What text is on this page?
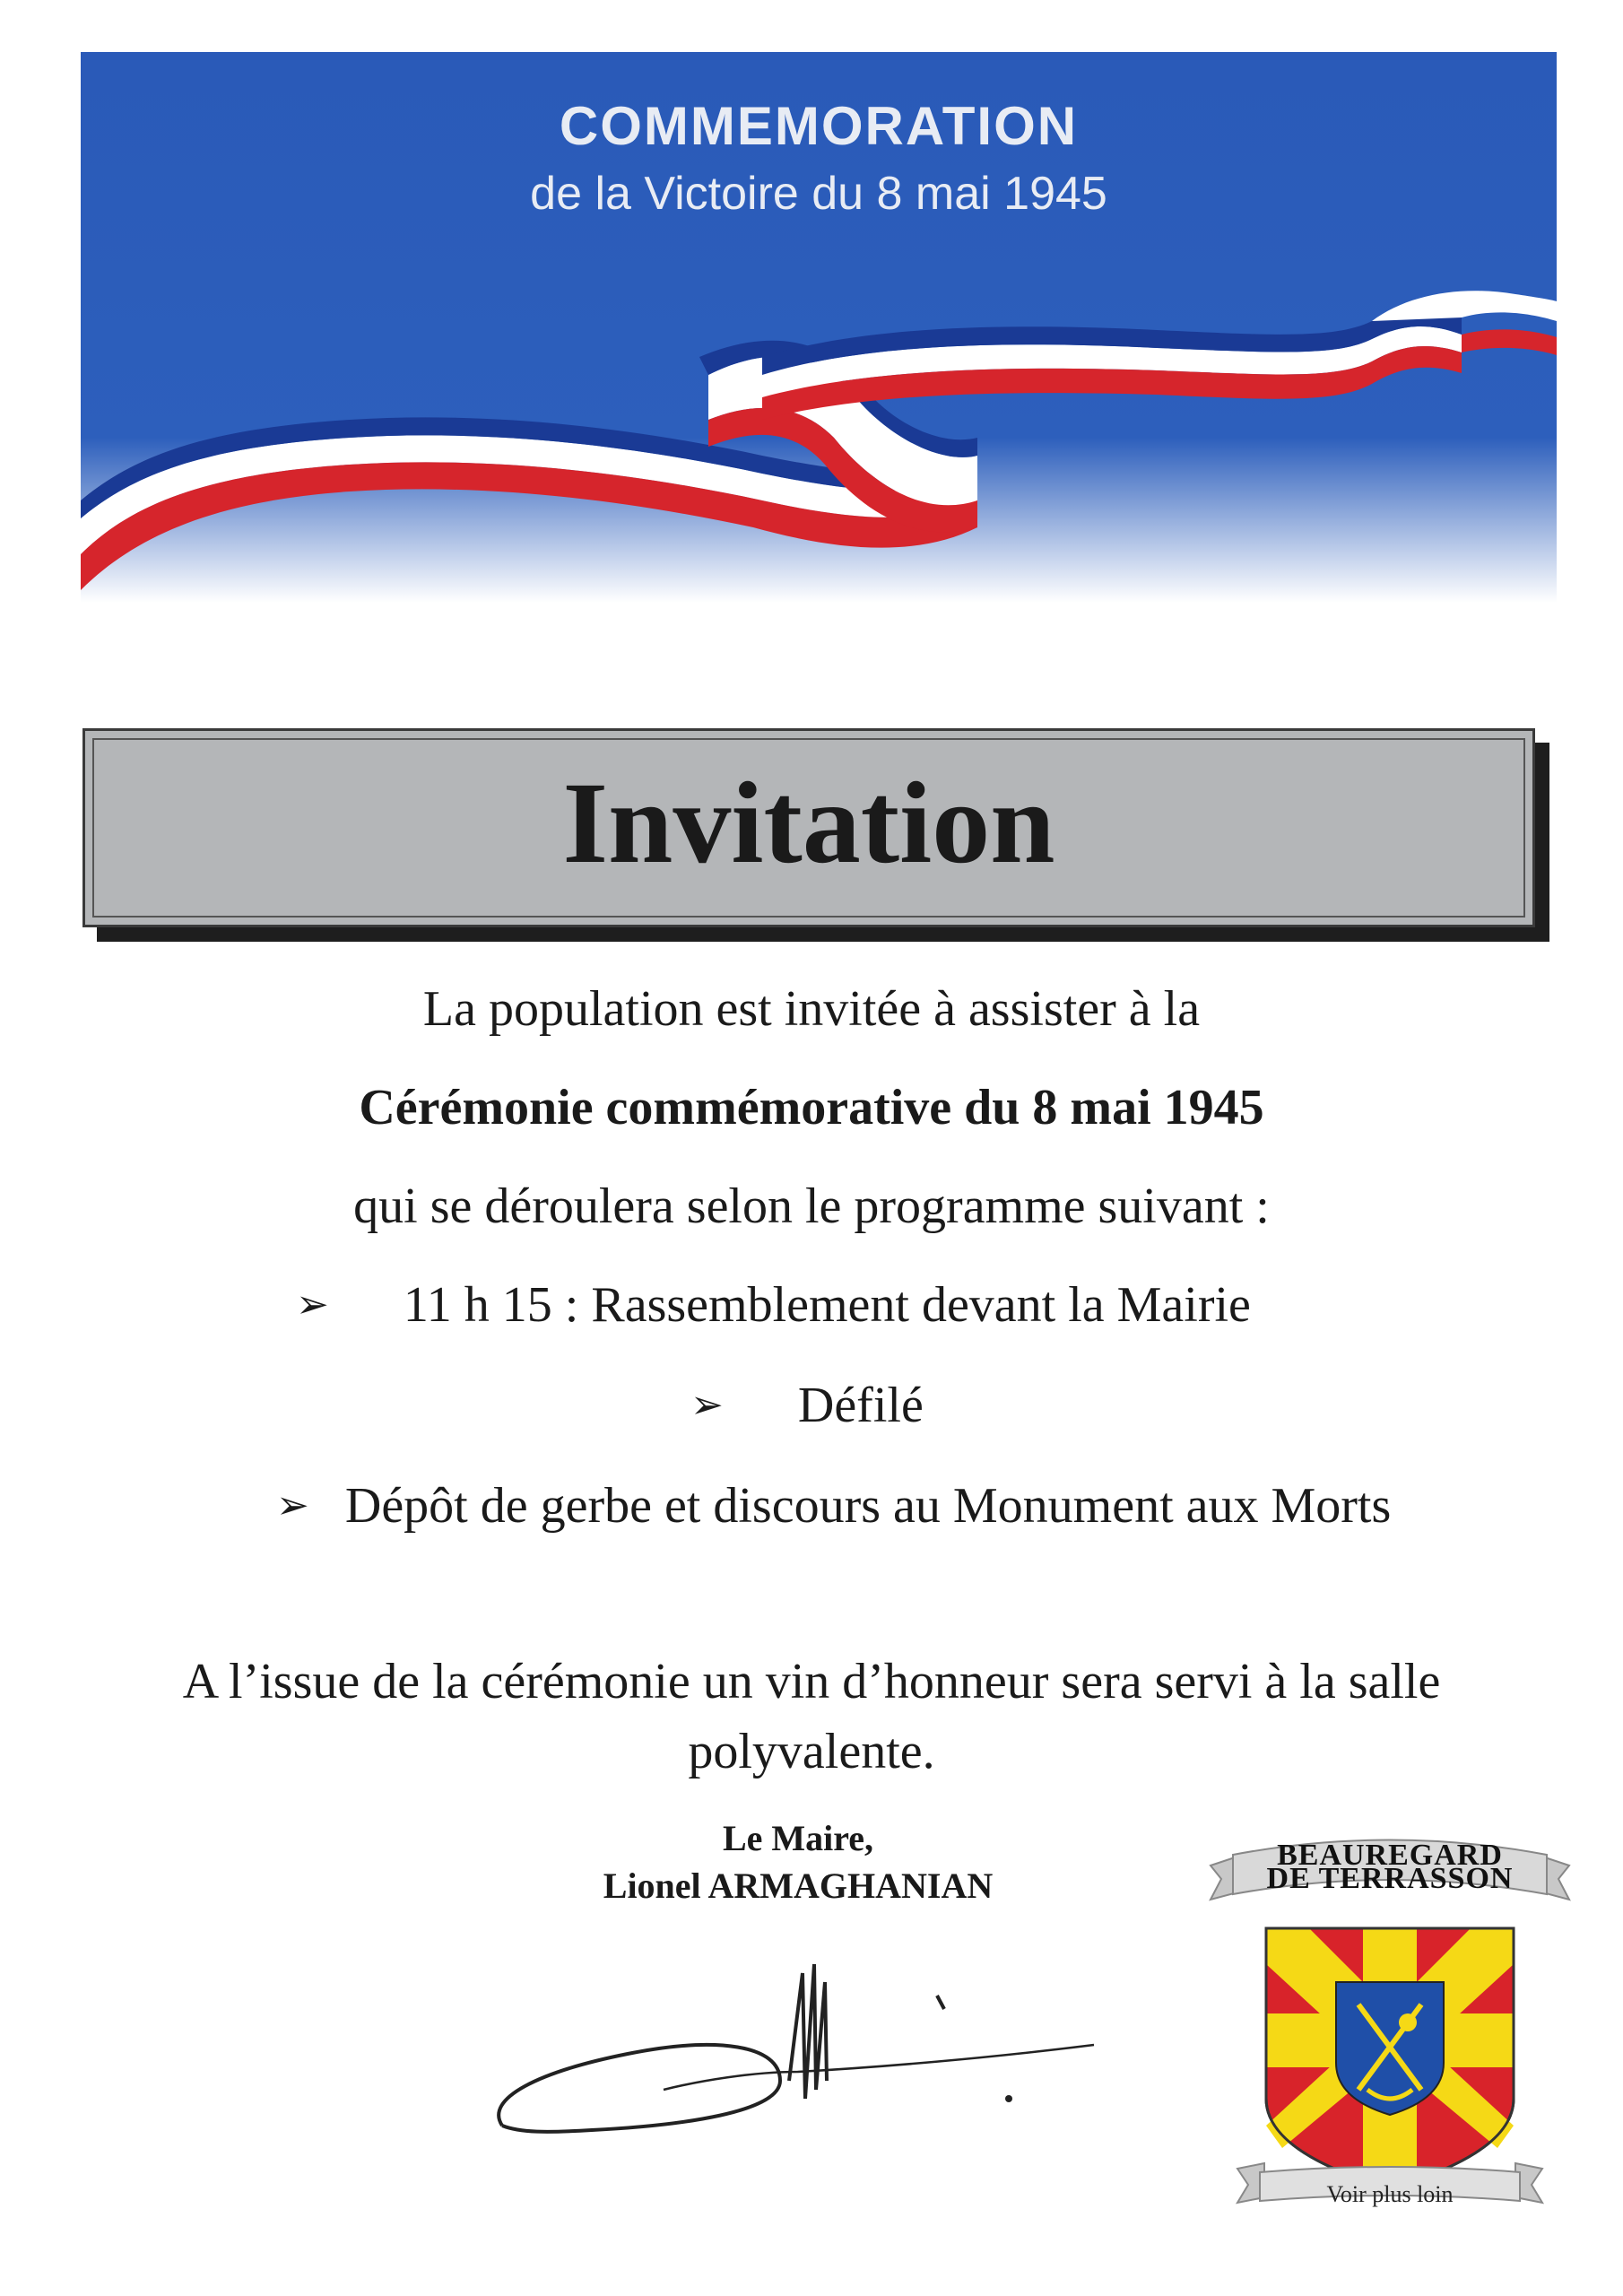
COMMEMORATION
de la Victoire du 8 mai 1945
Invitation
La population est invitée à assister à la
Cérémonie commémorative du 8 mai 1945
qui se déroulera selon le programme suivant :
➢ 11 h 15 : Rassemblement devant la Mairie
➢ Défilé
➢ Dépôt de gerbe et discours au Monument aux Morts
A l’issue de la cérémonie un vin d’honneur sera servi à la salle
polyvalente.
Le Maire,
Lionel ARMAGHANIAN
BEAUREGARD
DE TERRASSON
Voir plus loin
